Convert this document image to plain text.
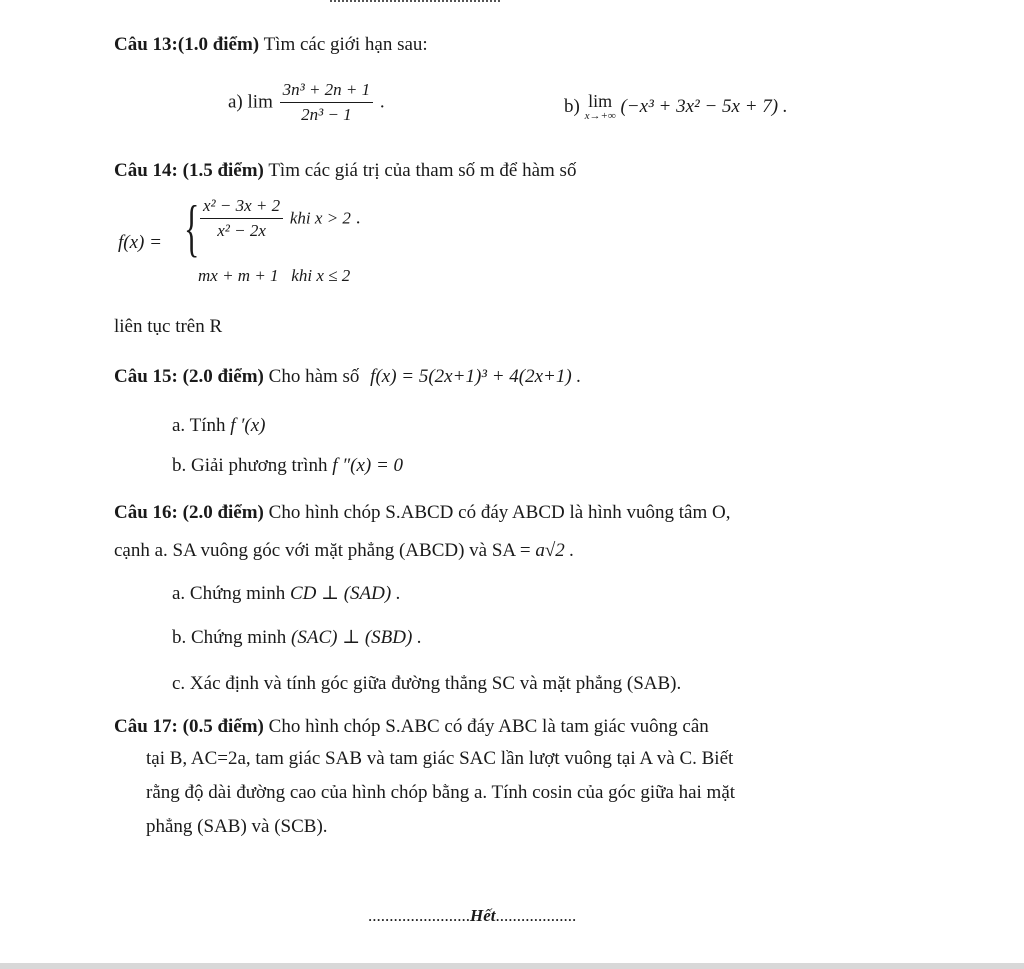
Câu 13:(1.0 điểm) Tìm các giới hạn sau:
a) $\lim \frac{\text{3n³ + 2n + 1}}{\text{2n³ − 1}}$ .	b) lim
x→+∞ (−x³ + 3x² − 5x + 7) .
Câu 14: (1.5 điểm) Tìm các giá trị của tham số m để hàm số
f(x) = { $\frac{\text{x² − 3x + 2}}{\text{x² − 2x}}$ khi x > 2 .
mx + m + 1 khi x ≤ 2
liên tục trên R
Câu 15: (2.0 điểm) Cho hàm số f(x) = 5(2x+1)³ + 4(2x+1) .
a. Tính f ′(x)
b. Giải phương trình f ″(x) = 0
Câu 16: (2.0 điểm) Cho hình chóp S.ABCD có đáy ABCD là hình vuông tâm O,
cạnh a. SA vuông góc với mặt phẳng (ABCD) và SA = a√2 .
a. Chứng minh CD ⊥ (SAD) .
b. Chứng minh (SAC) ⊥ (SBD) .
c. Xác định và tính góc giữa đường thẳng SC và mặt phẳng (SAB).
Câu 17: (0.5 điểm) Cho hình chóp S.ABC có đáy ABC là tam giác vuông cân
tại B, AC=2a, tam giác SAB và tam giác SAC lần lượt vuông tại A và C. Biết
rằng độ dài đường cao của hình chóp bằng a. Tính cosin của góc giữa hai mặt
phẳng (SAB) và (SCB).
........................Hết...................
